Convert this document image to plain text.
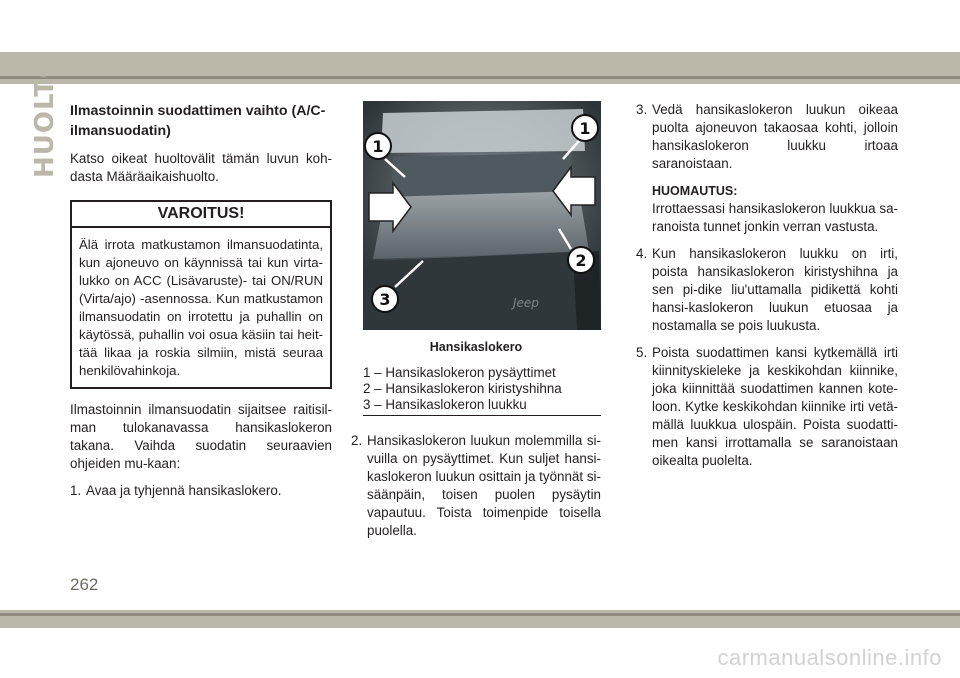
HUOLTO Ilmastoinnin suodattimen vaihto (A/C-ilmansuodatin)

Katso oikeat huoltovälit tämän luvun koh-dasta Määräaikaishuolto.

VAROITUS!
Älä irrota matkustamon ilmansuodatinta, kun ajoneuvo on käynnissä tai kun virta-lukko on ACC (Lisävaruste)- tai ON/RUN (Virta/ajo) -asennossa. Kun matkustamon ilmansuodatin on irrotettu ja puhallin on käytössä, puhallin voi osua käsiin tai heit-tää likaa ja roskia silmiin, mistä seuraa henkilövahinkoja.

Ilmastoinnin ilmansuodatin sijaitsee raitisil-man tulokanavassa hansikaslokeron takana. Vaihda suodatin seuraavien ohjeiden mu-kaan:

1. Avaa ja tyhjennä hansikaslokero.
Jeep
1
1
2
3
Hansikaslokero
1 – Hansikaslokeron pysäyttimet
2 – Hansikaslokeron kiristyshihna
3 – Hansikaslokeron luukku
2. Hansikaslokeron luukun molemmilla si-vuilla on pysäyttimet. Kun suljet hansi-kaslokeron luukun osittain ja työnnät si-säänpäin, toisen puolen pysäytin vapautuu. Toista toimenpide toisella puolella.
3. Vedä hansikaslokeron luukun oikeaa puolta ajoneuvon takaosaa kohti, jolloin hansikaslokeron luukku irtoaa saranoistaan.
HUOMAUTUS:
Irrottaessasi hansikaslokeron luukkua sa-ranoista tunnet jonkin verran vastusta.
4. Kun hansikaslokeron luukku on irti, poista hansikaslokeron kiristyshihna ja sen pi-dike liu'uttamalla pidikettä kohti hansi-kaslokeron luukun etuosaa ja nostamalla se pois luukusta.
5. Poista suodattimen kansi kytkemällä irti kiinnityskieleke ja keskikohdan kiinnike, joka kiinnittää suodattimen kannen kote-loon. Kytke keskikohdan kiinnike irti vetä-mällä luukkua ulospäin. Poista suodatti-men kansi irrottamalla se saranoistaan oikealta puolelta.
262
carmanualsonline.info
